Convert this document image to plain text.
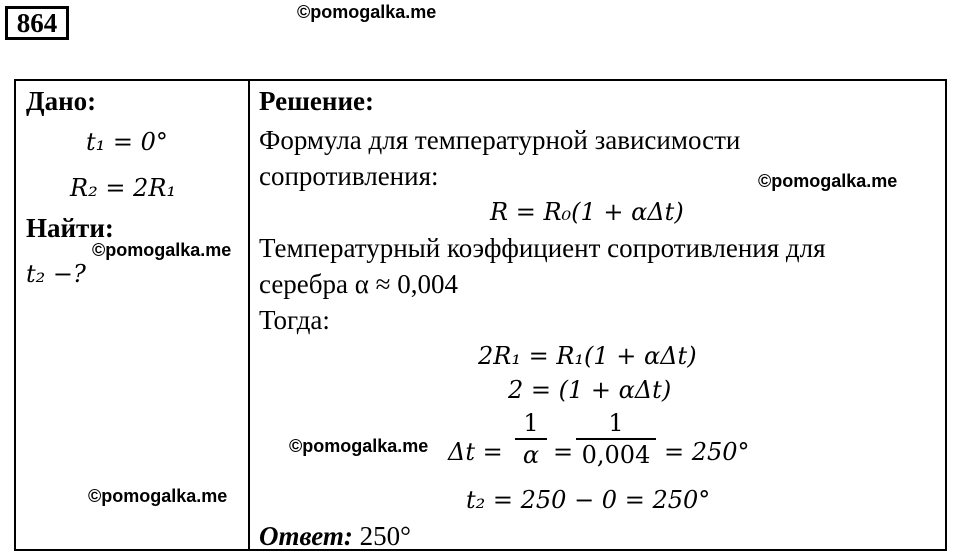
864	©pomogalka.me
©pomogalka.me
©pomogalka.me
©pomogalka.me
©pomogalka.me
Дано:
t₁ = 0°
R₂ = 2R₁
Найти:
t₂ −?
Решение:
Формула для температурной зависимости
сопротивления:
R = R₀(1 + αΔt)
Температурный коэффициент сопротивления для
серебра α ≈ 0,004
Тогда:
2R₁ = R₁(1 + αΔt)
2 = (1 + αΔt)
Δt =
1
α =
1
0,004 = 250°
t₂ = 250 − 0 = 250°
Ответ: 250°
